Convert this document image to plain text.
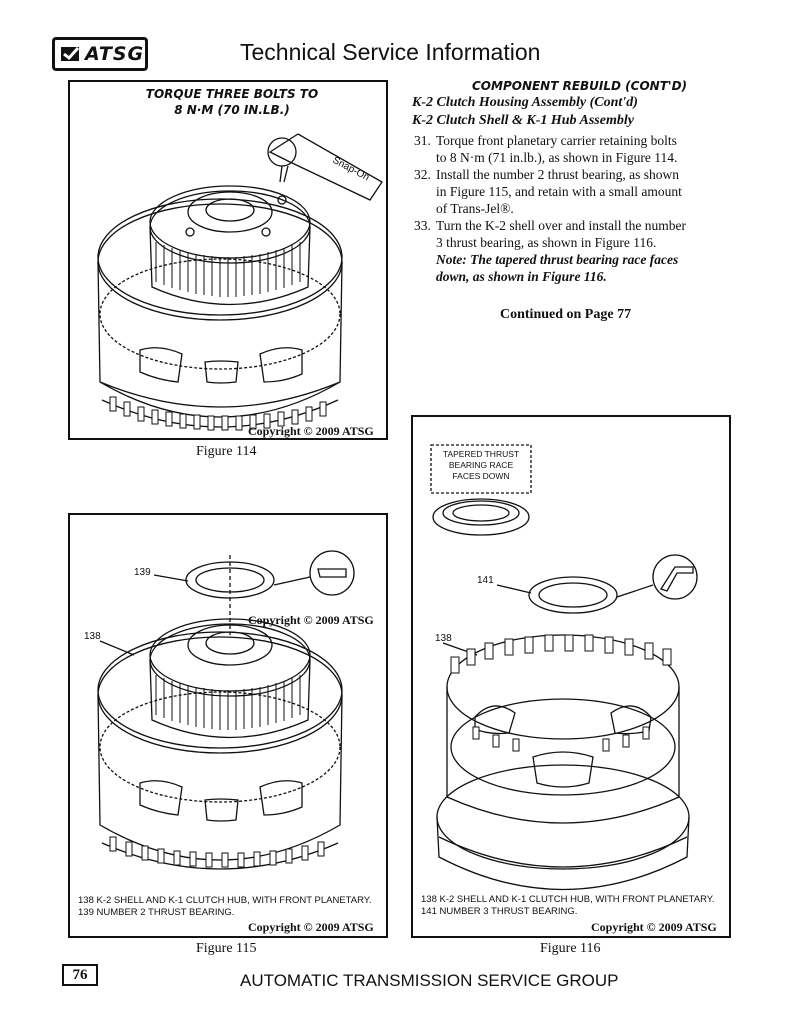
ATSG	Technical Service Information
Snap-On
TORQUE THREE BOLTS TO
8 N·M (70 IN.LB.)
Copyright © 2009 ATSG
Figure 114
COMPONENT REBUILD (CONT'D)
K-2 Clutch Housing Assembly (Cont'd)
K-2 Clutch Shell & K-1 Hub Assembly
31. Torque front planetary carrier retaining bolts
to 8 N·m (71 in.lb.), as shown in Figure 114.
32. Install the number 2 thrust bearing, as shown
in Figure 115, and retain with a small amount
of Trans-Jel®.
33. Turn the K-2 shell over and install the number
3 thrust bearing, as shown in Figure 116.
Note: The tapered thrust bearing race faces
down, as shown in Figure 116.
Continued on Page 77
139
138
Copyright © 2009 ATSG
138 K-2 SHELL AND K-1 CLUTCH HUB, WITH FRONT PLANETARY.
139 NUMBER 2 THRUST BEARING.
Copyright © 2009 ATSG
Figure 115
TAPERED THRUST
BEARING RACE
FACES DOWN
141
138
138 K-2 SHELL AND K-1 CLUTCH HUB, WITH FRONT PLANETARY.
141 NUMBER 3 THRUST BEARING.
Copyright © 2009 ATSG
Figure 116
76	AUTOMATIC TRANSMISSION SERVICE GROUP
